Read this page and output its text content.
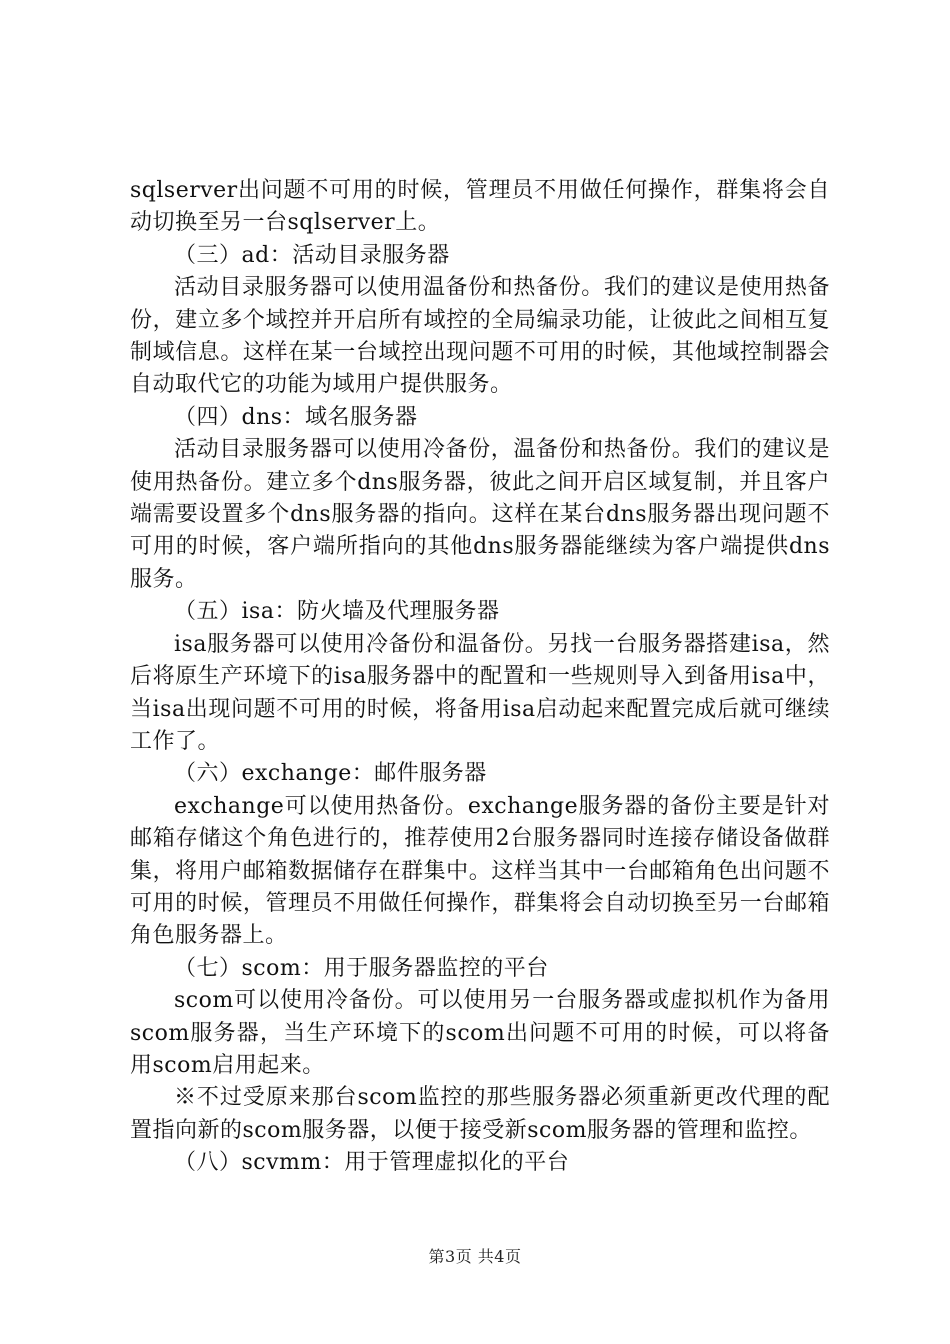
sqlserver出问题不可用的时候，管理员不用做任何操作，群集将会自动切换至另一台sqlserver上。

（三）ad：活动目录服务器

活动目录服务器可以使用温备份和热备份。我们的建议是使用热备份，建立多个域控并开启所有域控的全局编录功能，让彼此之间相互复制域信息。这样在某一台域控出现问题不可用的时候，其他域控制器会自动取代它的功能为域用户提供服务。

（四）dns：域名服务器

活动目录服务器可以使用冷备份，温备份和热备份。我们的建议是使用热备份。建立多个dns服务器，彼此之间开启区域复制，并且客户端需要设置多个dns服务器的指向。这样在某台dns服务器出现问题不可用的时候，客户端所指向的其他dns服务器能继续为客户端提供dns服务。

（五）isa：防火墙及代理服务器

isa服务器可以使用冷备份和温备份。另找一台服务器搭建isa，然后将原生产环境下的isa服务器中的配置和一些规则导入到备用isa中，当isa出现问题不可用的时候，将备用isa启动起来配置完成后就可继续工作了。

（六）exchange：邮件服务器

exchange可以使用热备份。exchange服务器的备份主要是针对邮箱存储这个角色进行的，推荐使用2台服务器同时连接存储设备做群集，将用户邮箱数据储存在群集中。这样当其中一台邮箱角色出问题不可用的时候，管理员不用做任何操作，群集将会自动切换至另一台邮箱角色服务器上。

（七）scom：用于服务器监控的平台

scom可以使用冷备份。可以使用另一台服务器或虚拟机作为备用scom服务器，当生产环境下的scom出问题不可用的时候，可以将备用scom启用起来。

※不过受原来那台scom监控的那些服务器必须重新更改代理的配置指向新的scom服务器，以便于接受新scom服务器的管理和监控。

（八）scvmm：用于管理虚拟化的平台

第3页 共4页
